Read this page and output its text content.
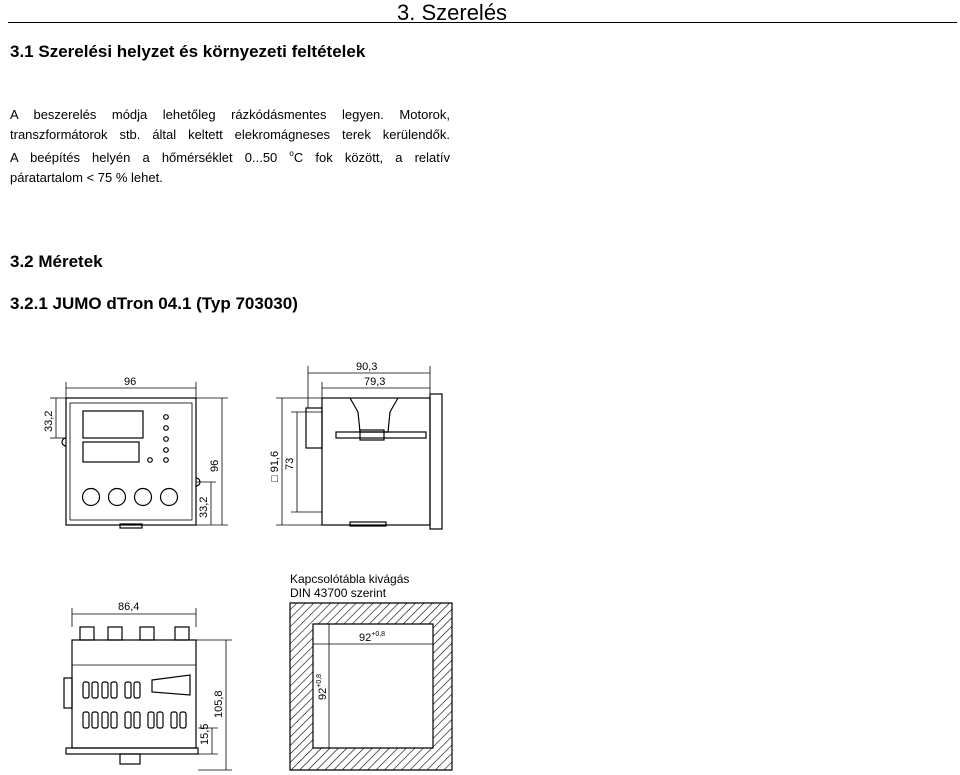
3. Szerelés
3.1 Szerelési helyzet és környezeti feltételek
A beszerelés módja lehetőleg rázkódásmentes legyen. Motorok,
transzformátorok stb. által keltett elekromágneses terek kerülendők.
A beépítés helyén a hőmérséklet 0...50 $^o$C fok között, a relatív
páratartalom < 75 % lehet.
3.2 Méretek
3.2.1 JUMO dTron 04.1 (Typ 703030)
Kapcsolótábla kivágás
DIN 43700 szerint
96
33,2
96
33,2
90,3
79,3
□ 91,6 73
86,4
105,8
15,5
$92^{+0,8}$
$92^{+0,8}$
